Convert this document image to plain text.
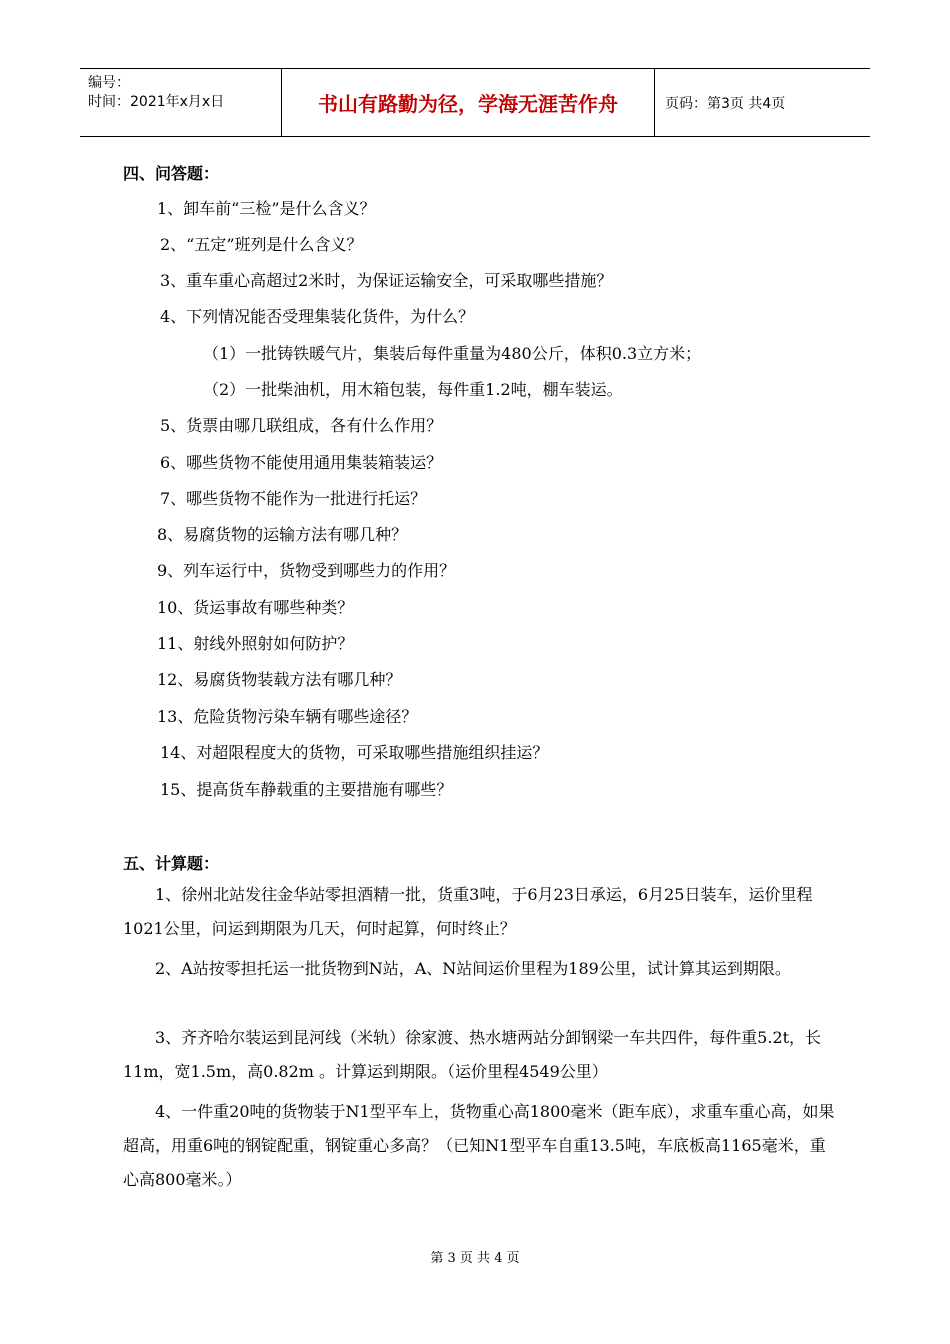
编号：
时间：2021年x月x日	书山有路勤为径，学海无涯苦作舟	页码：第3页 共4页
四、问答题：
1、卸车前“三检”是什么含义？
2、“五定”班列是什么含义？
3、重车重心高超过2米时，为保证运输安全，可采取哪些措施？
4、下列情况能否受理集装化货件，为什么？
（1）一批铸铁暖气片，集装后每件重量为480公斤，体积0.3立方米；
（2）一批柴油机，用木箱包装，每件重1.2吨，棚车装运。
5、货票由哪几联组成，各有什么作用？
6、哪些货物不能使用通用集装箱装运？
7、哪些货物不能作为一批进行托运？
8、易腐货物的运输方法有哪几种？
9、列车运行中，货物受到哪些力的作用？
10、货运事故有哪些种类？
11、射线外照射如何防护？
12、易腐货物装载方法有哪几种？
13、危险货物污染车辆有哪些途径？
14、对超限程度大的货物，可采取哪些措施组织挂运？
15、提高货车静载重的主要措施有哪些？
五、计算题：
1、徐州北站发往金华站零担酒精一批，货重3吨，于6月23日承运，6月25日装车，运价里程1021公里，问运到期限为几天，何时起算，何时终止？
2、A站按零担托运一批货物到N站，A、N站间运价里程为189公里，试计算其运到期限。
3、齐齐哈尔装运到昆河线（米轨）徐家渡、热水塘两站分卸钢梁一车共四件，每件重5.2t，长11m，宽1.5m，高0.82m 。计算运到期限。（运价里程4549公里）
4、一件重20吨的货物装于N1型平车上，货物重心高1800毫米（距车底），求重车重心高，如果超高，用重6吨的钢锭配重，钢锭重心多高？（已知N1型平车自重13.5吨，车底板高1165毫米，重心高800毫米。）
第 3 页 共 4 页
